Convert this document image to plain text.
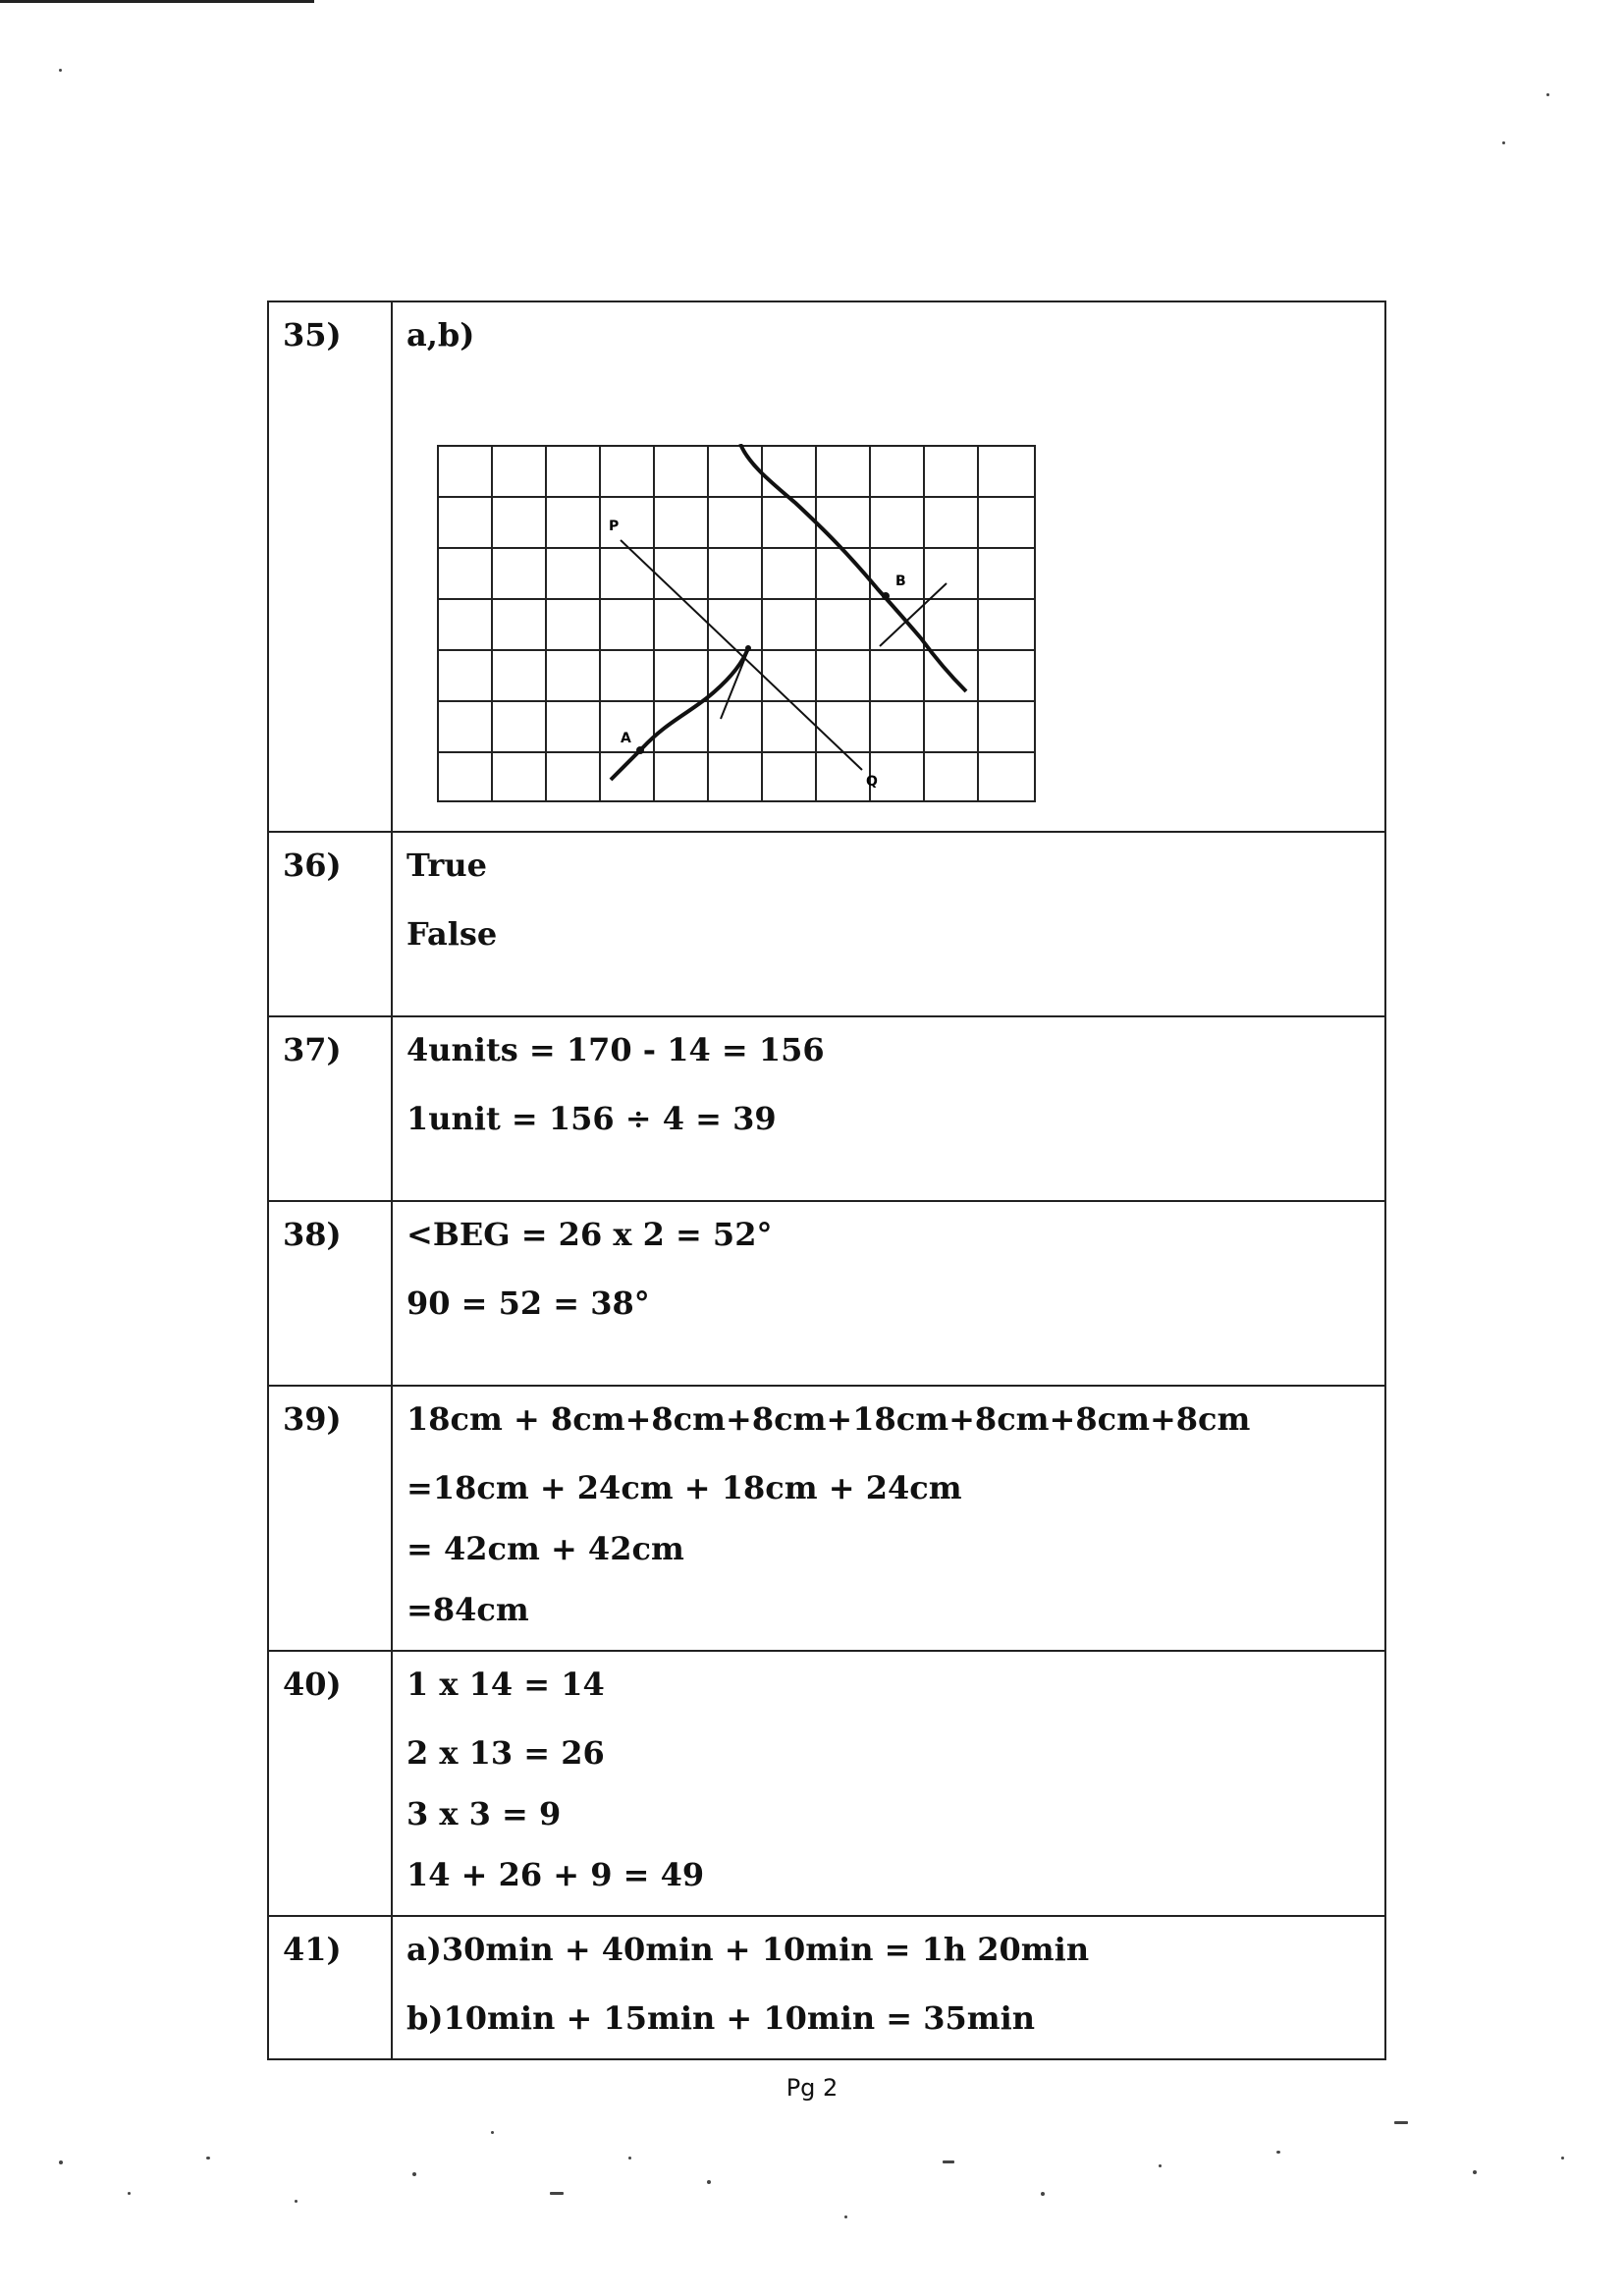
35)	a,b)
P
Q
A
B

36)	True
False

37)	4units = 170 - 14 = 156
1unit = 156 ÷ 4 = 39

38)	<BEG = 26 x 2 = 52°
90 = 52 = 38°

39)	18cm + 8cm+8cm+8cm+18cm+8cm+8cm+8cm
=18cm + 24cm + 18cm + 24cm
= 42cm + 42cm
=84cm

40)	1 x 14 = 14
2 x 13 = 26
3 x 3 = 9
14 + 26 + 9 = 49

41)	a)30min + 40min + 10min = 1h 20min
b)10min + 15min + 10min = 35min
Pg 2
